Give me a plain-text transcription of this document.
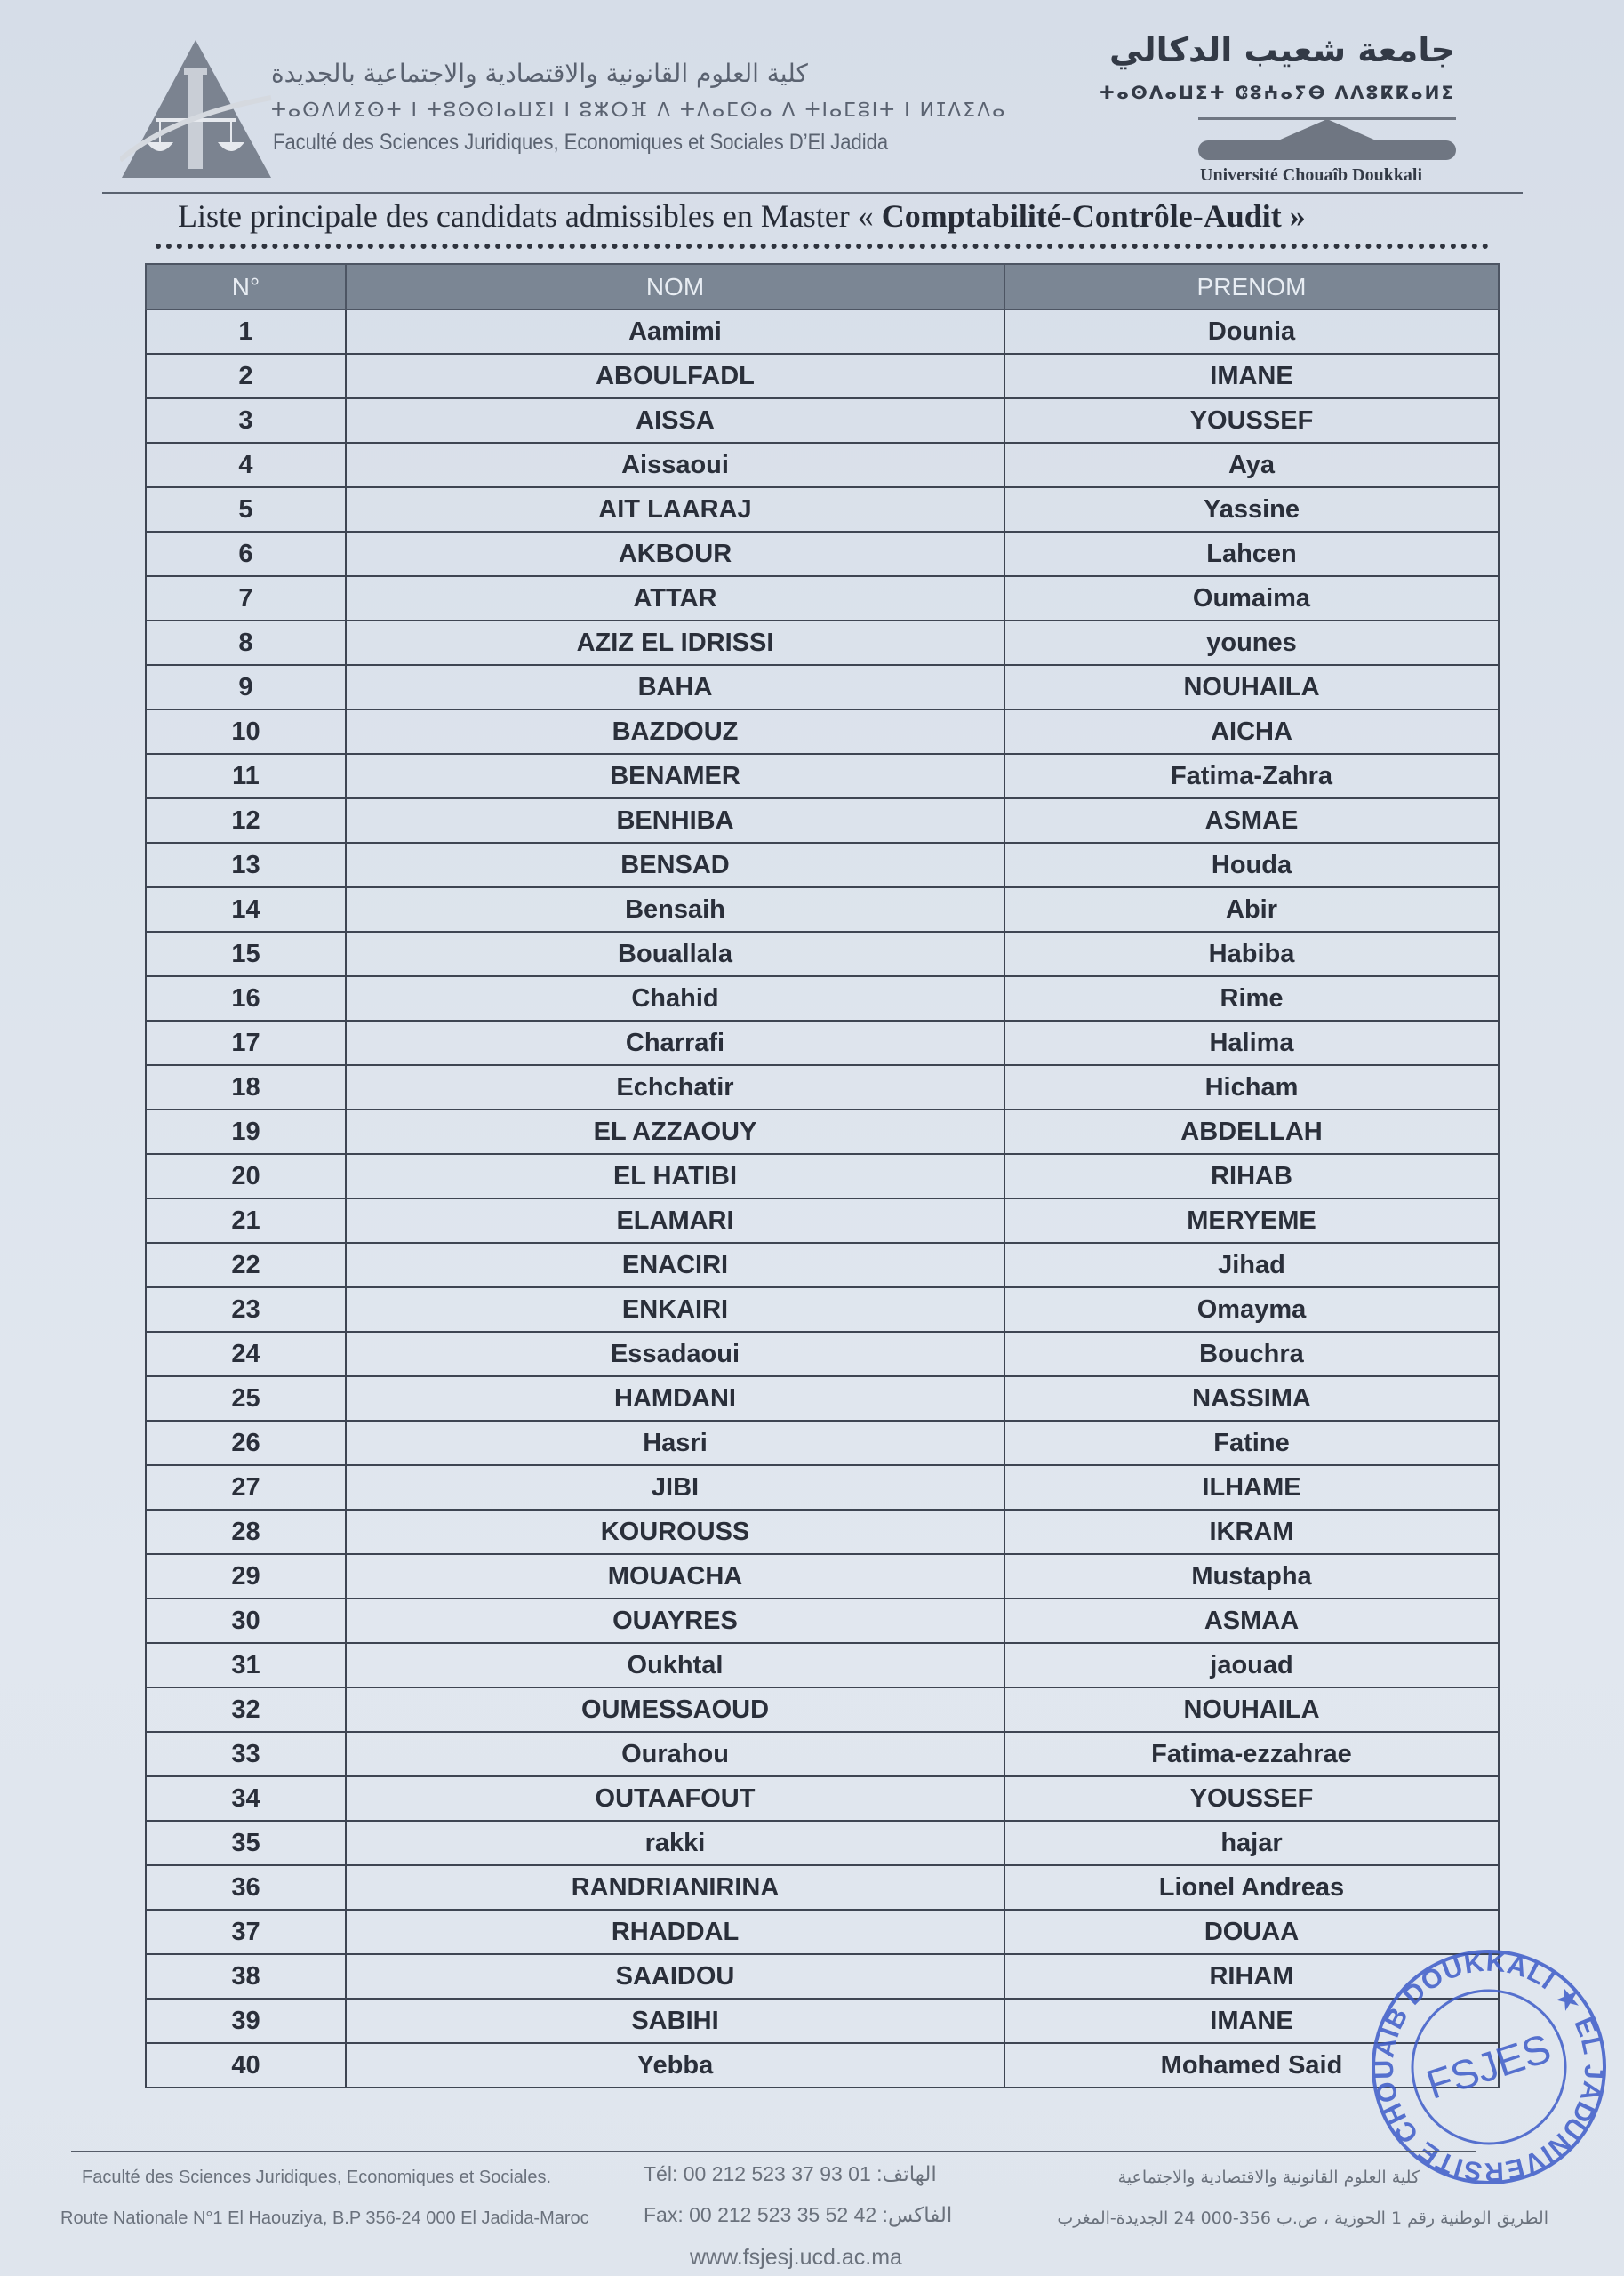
كلية العلوم القانونية والاقتصادية والاجتماعية بالجديدة
ⵜⴰⵙⴷⵍⵉⵙⵜ ⵏ ⵜⵓⵙⵙⵏⴰⵡⵉⵏ ⵏ ⵓⵣⵔⴼ ⴷ ⵜⴷⴰⵎⵙⴰ ⴷ ⵜⵏⴰⵎⵓⵏⵜ ⵏ ⵍⵊⴷⵉⴷⴰ
Faculté des Sciences Juridiques, Economiques et Sociales D’El Jadida
جامعة شعيب الدكالي
ⵜⴰⵙⴷⴰⵡⵉⵜ ⵛⵓⵄⴰⵢⴱ ⴷⴷⵓⴽⴽⴰⵍⵉ
Université Chouaîb Doukkali
Liste principale des candidats admissibles en Master « Comptabilité-Contrôle-Audit »
N°	NOM	PRENOM
1	Aamimi	Dounia
2	ABOULFADL	IMANE
3	AISSA	YOUSSEF
4	Aissaoui	Aya
5	AIT LAARAJ	Yassine
6	AKBOUR	Lahcen
7	ATTAR	Oumaima
8	AZIZ EL IDRISSI	younes
9	BAHA	NOUHAILA
10	BAZDOUZ	AICHA
11	BENAMER	Fatima-Zahra
12	BENHIBA	ASMAE
13	BENSAD	Houda
14	Bensaih	Abir
15	Bouallala	Habiba
16	Chahid	Rime
17	Charrafi	Halima
18	Echchatir	Hicham
19	EL AZZAOUY	ABDELLAH
20	EL HATIBI	RIHAB
21	ELAMARI	MERYEME
22	ENACIRI	Jihad
23	ENKAIRI	Omayma
24	Essadaoui	Bouchra
25	HAMDANI	NASSIMA
26	Hasri	Fatine
27	JIBI	ILHAME
28	KOUROUSS	IKRAM
29	MOUACHA	Mustapha
30	OUAYRES	ASMAA
31	Oukhtal	jaouad
32	OUMESSAOUD	NOUHAILA
33	Ourahou	Fatima-ezzahrae
34	OUTAAFOUT	YOUSSEF
35	rakki	hajar
36	RANDRIANIRINA	Lionel Andreas
37	RHADDAL	DOUAA
38	SAAIDOU	RIHAM
39	SABIHI	IMANE
40	Yebba	Mohamed Said
UNIVERSITE CHOUAIB DOUKKALI ★ EL JADIDA
FSJES
Faculté des Sciences Juridiques, Economiques et Sociales.
Route Nationale N°1 El Haouziya, B.P 356-24 000 El Jadida-Maroc
Tél: 00 212 523 37 93 01 :الهاتف
Fax: 00 212 523 35 52 42 :الفاكس
www.fsjesj.ucd.ac.ma
كلية العلوم القانونية والاقتصادية والاجتماعية
الطريق الوطنية رقم 1 الحوزية ، ص.ب 356-000 24 الجديدة-المغرب
